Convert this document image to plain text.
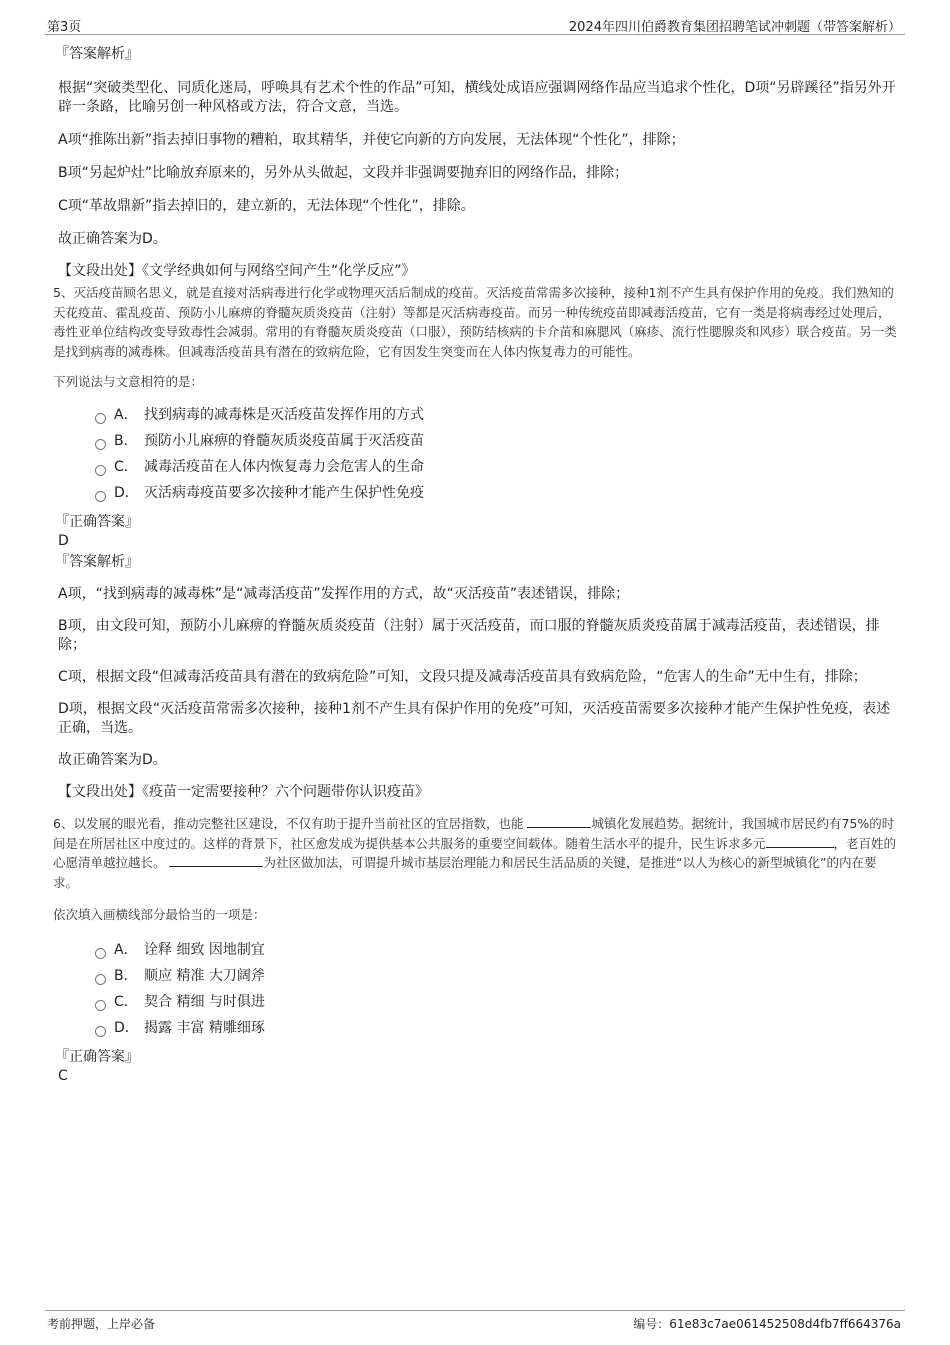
第3页	2024年四川伯爵教育集团招聘笔试冲刺题（带答案解析）

『答案解析』

根据“突破类型化、同质化迷局，呼唤具有艺术个性的作品”可知，横线处成语应强调网络作品应当追求个性化，D项“另辟蹊径”指另外开辟一条路，比喻另创一种风格或方法，符合文意，当选。

A项“推陈出新”指去掉旧事物的糟粕，取其精华，并使它向新的方向发展，无法体现“个性化”，排除；

B项“另起炉灶”比喻放弃原来的，另外从头做起，文段并非强调要抛弃旧的网络作品，排除；

C项“革故鼎新”指去掉旧的，建立新的，无法体现“个性化”，排除。

故正确答案为D。

【文段出处】《文学经典如何与网络空间产生“化学反应”》

5、灭活疫苗顾名思义，就是直接对活病毒进行化学或物理灭活后制成的疫苗。灭活疫苗常需多次接种，接种1剂不产生具有保护作用的免疫。我们熟知的天花疫苗、霍乱疫苗、预防小儿麻痹的脊髓灰质炎疫苗（注射）等都是灭活病毒疫苗。而另一种传统疫苗即减毒活疫苗，它有一类是将病毒经过处理后，毒性亚单位结构改变导致毒性会减弱。常用的有脊髓灰质炎疫苗（口服），预防结核病的卡介苗和麻腮风（麻疹、流行性腮腺炎和风疹）联合疫苗。另一类是找到病毒的减毒株。但减毒活疫苗具有潜在的致病危险，它有因发生突变而在人体内恢复毒力的可能性。

下列说法与文意相符的是：

A． 找到病毒的减毒株是灭活疫苗发挥作用的方式
B． 预防小儿麻痹的脊髓灰质炎疫苗属于灭活疫苗
C． 减毒活疫苗在人体内恢复毒力会危害人的生命
D． 灭活病毒疫苗要多次接种才能产生保护性免疫

『正确答案』

D

『答案解析』

A项，“找到病毒的减毒株”是“减毒活疫苗”发挥作用的方式，故“灭活疫苗”表述错误，排除；

B项，由文段可知，预防小儿麻痹的脊髓灰质炎疫苗（注射）属于灭活疫苗，而口服的脊髓灰质炎疫苗属于减毒活疫苗，表述错误，排除；

C项，根据文段“但减毒活疫苗具有潜在的致病危险”可知，文段只提及减毒活疫苗具有致病危险，“危害人的生命”无中生有，排除；

D项，根据文段“灭活疫苗常需多次接种，接种1剂不产生具有保护作用的免疫”可知，灭活疫苗需要多次接种才能产生保护性免疫，表述正确，当选。

故正确答案为D。

【文段出处】《疫苗一定需要接种？六个问题带你认识疫苗》

6、以发展的眼光看，推动完整社区建设，不仅有助于提升当前社区的宜居指数，也能	城镇化发展趋势。据统计，我国城市居民约有75%的时间是在所居社区中度过的。这样的背景下，社区愈发成为提供基本公共服务的重要空间载体。随着生活水平的提升，民生诉求多元	，老百姓的心愿清单越拉越长。	为社区做加法，可谓提升城市基层治理能力和居民生活品质的关键，是推进“以人为核心的新型城镇化”的内在要求。

依次填入画横线部分最恰当的一项是：

A． 诠释 细致 因地制宜
B． 顺应 精准 大刀阔斧
C． 契合 精细 与时俱进
D． 揭露 丰富 精雕细琢

『正确答案』

C

考前押题，上岸必备	编号：61e83c7ae061452508d4fb7ff664376a
